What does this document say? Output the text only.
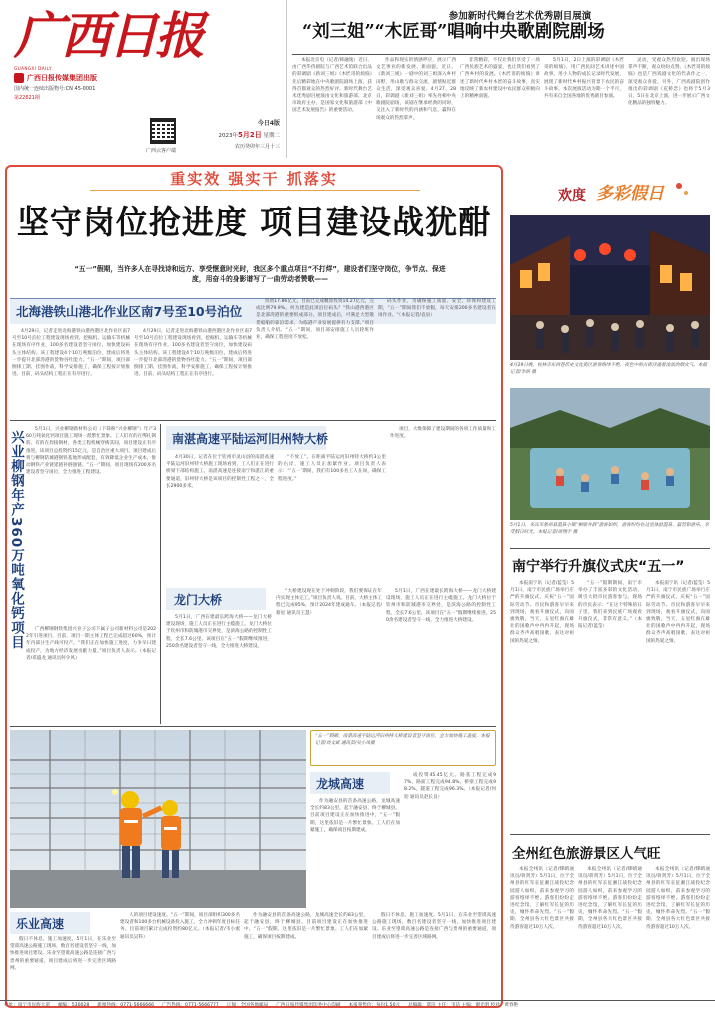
广西日报
GUANGXI DAILY
广西日报传媒集团出版
国内统一连续出版物号:CN 45-0001
第22621期
广西云客户端
今日4版
2023年5月2日 星期二
农历癸卯年三月十三
参加新时代舞台艺术优秀剧目展演
“刘三姐”“木匠哥”唱响中央歌剧院剧场

本报北京电（记者/韩融逸）近日，由广西华侨剧院与广西艺术馆联合出品的彩调剧《新刘三姐》《木匠哥的烦恼》先后精彩地在中央歌剧院剧场上演，获得首都观众的热烈好评。新时代舞台艺术优秀剧目展演由文化和旅游部、北京市政府主办，是国家文化和旅游部《中国艺术发展报告》的重要活动。

作品和现实的情感呼应，展示广西文艺事业的新发展、新面貌。近日，《新刘三姐》一剧中的刘三姐深入乡村田野，用山歌与群众交流，剧情贴近群众生活，深受观众喜爱。4月27、28日，彩调剧《新刘三姐》率先亮相中央歌剧院剧场，该剧在继承经典的同时，又注入了新时代的内涵和气息，赢得在场观众的热烈掌声。

非常精彩，不仅让我们享受了一场广西民族艺术的盛宴，也让我们看到了广西乡村的发展。《木匠哥的烦恼》讲述了新时代乡村木匠的奋斗故事，真实地反映了新农村建设中农民群众积极向上的精神面貌。

5月1日，2日上演的彩调剧《木匠哥的烦恼》，用广西民间艺术讲述中国故事，用小人物的成长记录时代发展，展现了新时代乡村振兴背景下农民的奋斗故事。本次展演活动为期一个半月，共有来自全国各地的优秀剧目参演。

灵动，受观众热烈欢迎。演出现场掌声不断，观众纷纷点赞。《木匠哥的烦恼》也是广西戏剧文化的代表作之一，深受观众喜爱。另外，广西戏剧院创作推出的彩调剧《花桥恋》也将于5月3日，5日在北京上演，进一步展示广西文化精品的独特魅力。

重实效 强实干 抓落实
坚守岗位抢进度 项目建设战犹酣
“五一”假期，当许多人在寻找诗和远方、享受惬意时光时，我区多个重点项目“不打烊”，建设者们坚守岗位，争节点、保进度，用奋斗的身影谱写了一曲劳动者赞歌——
欢度 多彩假日
北海港铁山港北作业区南7号至10号泊位

4月29日，记者走进北海港铁山港西港区北作业区南7号至10号泊位工程建设现场看到，挖掘机、运输车等机械在现场有序作业，100多名建设者坚守岗位，加快建设码头主体结构。该工程建设4个10万吨级泊位，建成后将进一步提升北部湾港的货物吞吐能力。“五一”期间，项目部倒排工期、挂图作战，科学安排施工，确保工程按计划推进。目前，码头结构工程正在有序进行。

4月29日，记者走进北海港铁山港西港区北作业区南7号至10号泊位工程建设现场看到，挖掘机、运输车等机械在现场有序作业，100多名建设者坚守岗位，加快建设码头主体结构。该工程建设4个10万吨级泊位，建成后将进一步提升北部湾港的货物吞吐能力。“五一”期间，项目部倒排工期、挂图作战，科学安排施工，确保工程按计划推进。目前，码头结构工程正在有序进行。

投资17.86亿元，目前已完成概算投资14.27亿元，完成比例79.9%。何为建造此项泊位码头？“铁山港西港区是北部湾港的重要组成部分。项目建成后，可满足大型散货船舶的靠泊需求，为临港产业发展提供有力支撑。”项目负责人介绍。“五一”期间，项目部安排施工人员轮班作业，确保工程进度不放松。

码头作业，为确保施工质量、安全、环保和建设工期，“五一”期间我们不放假，每天安排200多名建设者在岗作业。“（本报记者/袁泉）

5月1日，兴业柳钢新材料公司（下简称“兴业柳钢”）年产360万吨氧化钙项目施工现场一派繁忙景象。工人们有的在绑扎钢筋、有的在焊接钢材，各类工程机械穿梭其间，项目建设正有序推进。该项目总投资约15亿元，是自治区重大项目。项目建成后将与柳钢防城港钢铁基地形成配套，有效降低企业生产成本，推动钢铁产业链延链补链强链。“五一”期间，项目现场有200多名建设者坚守岗位，全力推进工程建设。

广西柳钢钢铁集团兴业子公司下属子公司新材料公司是2022年引进项目。目前，项目一期主体工程已完成超过60%，预计年内部分生产线可投产。“我们正在加快施工进度，力争早日建成投产，为地方经济发展贡献力量。”项目负责人表示。（本报记者/邓盛龙 通讯员何少风）

兴业柳钢年产360万吨氧化钙项目	南湛高速平陆运河旧州特大桥

4月30日，记者在位于钦州市灵山县的南湛高速平陆运河旧州特大桥施工现场看到，工人们正在进行桥梁下部结构施工。南湛高速是连接南宁和湛江的重要通道，旧州特大桥是该项目的控制性工程之一，全长2900多米。

“不放工”。在距离平陆运河旧州特大桥约3公里的右岸，施工人员正加紧作业。项目负责人表示：“‘五一’期间，我们有100多名工人在岗，确保工程进度。”

项目，大维保障了建设期间的各项工作质量和工作进度。

龙门大桥

5月1日，广西在建最长跨海大桥——龙门大桥建设现场，施工人员正在进行主缆施工。龙门大桥位于钦州市和防城港市交界处，是滨海公路的控制性工程，全长7.6公里。该项目在“五一”假期继续推进，250余名建设者坚守一线，全力推进大桥建设。

“大桥建设现在处于冲刺阶段，我们要保证在年内实现主体完工。”项目负责人说。目前，大桥主体工程已完成95%，预计2024年建成通车。（本报记者/蔡星 通讯员王慧）

5月1日，广西在建最长跨海大桥——龙门大桥建设现场，施工人员正在进行主缆施工。龙门大桥位于钦州市和防城港市交界处，是滨海公路的控制性工程，全长7.6公里。该项目在“五一”假期继续推进，250余名建设者坚守一线，全力推进大桥建设。

“五一”假期，南湛高速平陆运河旧州特大桥建设者坚守岗位，全力加快施工进度。本报记者/刘文斌 通讯员/吴小凤摄
龙城高速

作为融安县的首条高速公路，龙城高速全长约83公里，起于融安县，终于柳城县。目前项目建设正在加快推进中，“五一”假期，这里依旧是一片繁忙景象。工人们在加紧施工，确保项目按期建成。

成投资45.45亿元。路基工程完成97%，路面工程完成94.8%，桥梁工程完成98.2%，隧道工程完成96.3%。（本报记者/何迎 通讯员赵长良）

乐业高速

假日不休息，施工加速度。5月1日，在乐业至望谟高速公路施工现场，数百名建设者坚守一线，加快推进项目建设。乐业至望谟高速公路是连接广西与贵州的重要通道，项目建成后将进一步完善区域路网。

人的项目建设速度。“五一”期间，项目部组织300多名建设者和100多台机械设备投入施工，全力冲刺年度目标任务。目前项目累计完成投资约80亿元。（本报记者/韦小淞 通讯员吴科）

作为融安县的首条高速公路，龙城高速全长约83公里，起于融安县，终于柳城县。目前项目建设正在加快推进中，“五一”假期，这里依旧是一片繁忙景象。工人们在加紧施工，确保项目按期建成。

假日不休息，施工加速度。5月1日，在乐业至望谟高速公路施工现场，数百名建设者坚守一线，加快推进项目建设。乐业至望谟高速公路是连接广西与贵州的重要通道，项目建成后将进一步完善区域路网。

4月29日晚，桂林市东西巷历史文化街区游客络绎不绝，夜色中的古街洋溢着浓浓的烟火气。本报记者/李妍 摄
5月1日，来宾市象州县温泉小镇“桐梁井群”游客如织，游客纷纷在这里体验温泉、露营和游乐，享受假日时光。本报记者/周翔宇 摄
南宁举行升旗仪式庆“五一”

本报南宁讯（记者/蓝莹）5月1日，南宁市民族广场举行庄严的升旗仪式，庆祝“五一”国际劳动节。市民和游客早早来到现场，观看升旗仪式，向国旗致敬。当天，五星红旗在雄壮的国歌声中冉冉升起，现场群众齐声高唱国歌，表达对祖国的热爱之情。

“五一”假期期间，南宁市举办了丰富多彩的文化活动，吸引大批市民游客参与。现场的市民表示：“在这个特殊的日子里，我们来到民族广场观看升旗仪式，非常有意义。”（本报记者/蓝莹）

本报南宁讯（记者/蓝莹）5月1日，南宁市民族广场举行庄严的升旗仪式，庆祝“五一”国际劳动节。市民和游客早早来到现场，观看升旗仪式，向国旗致敬。当天，五星红旗在雄壮的国歌声中冉冉升起，现场群众齐声高唱国歌，表达对祖国的热爱之情。

全州红色旅游景区人气旺

本报全州讯（记者/缪晴通讯员/蒋剑芳）5月1日，位于全州县的红军长征湘江战役纪念园游人如织，前来参观学习的游客络绎不绝。游客们纷纷走进纪念馆，了解红军长征的历史，缅怀革命先烈。“五一”假期，全州县各大红色景区共接待游客超过10万人次。

本报全州讯（记者/缪晴通讯员/蒋剑芳）5月1日，位于全州县的红军长征湘江战役纪念园游人如织，前来参观学习的游客络绎不绝。游客们纷纷走进纪念馆，了解红军长征的历史，缅怀革命先烈。“五一”假期，全州县各大红色景区共接待游客超过10万人次。

本报全州讯（记者/缪晴通讯员/蒋剑芳）5月1日，位于全州县的红军长征湘江战役纪念园游人如织，前来参观学习的游客络绎不绝。游客们纷纷走进纪念馆，了解红军长征的历史，缅怀革命先烈。“五一”假期，全州县各大红色景区共接待游客超过10万人次。

社址：南宁市民族大道 邮编：530028 新闻热线：0771-5666666 广告热线：0771-5666777 订阅：全国各地邮局 广西日报传媒集团印务中心印刷 本报零售价：每份1.50元 总编辑：覃洁 主任：韦洁 主编：谢光明 校对：黄春艳
